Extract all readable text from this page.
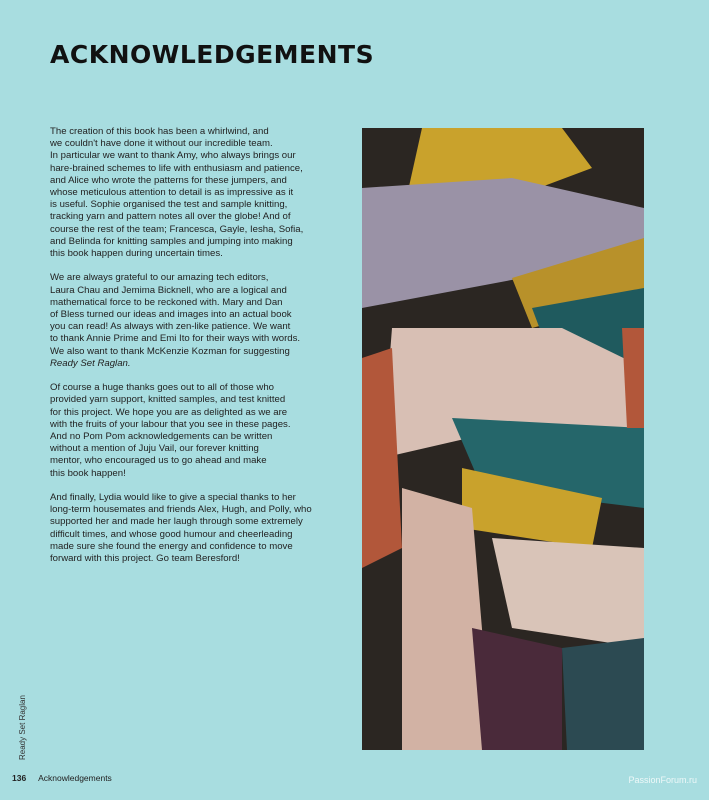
ACKNOWLEDGEMENTS

The creation of this book has been a whirlwind, and
we couldn't have done it without our incredible team.
In particular we want to thank Amy, who always brings our
hare-brained schemes to life with enthusiasm and patience,
and Alice who wrote the patterns for these jumpers, and
whose meticulous attention to detail is as impressive as it
is useful. Sophie organised the test and sample knitting,
tracking yarn and pattern notes all over the globe! And of
course the rest of the team; Francesca, Gayle, Iesha, Sofia,
and Belinda for knitting samples and jumping into making
this book happen during uncertain times.

We are always grateful to our amazing tech editors,
Laura Chau and Jemima Bicknell, who are a logical and
mathematical force to be reckoned with. Mary and Dan
of Bless turned our ideas and images into an actual book
you can read! As always with zen-like patience. We want
to thank Annie Prime and Emi Ito for their ways with words.
We also want to thank McKenzie Kozman for suggesting
Ready Set Raglan.

Of course a huge thanks goes out to all of those who
provided yarn support, knitted samples, and test knitted
for this project. We hope you are as delighted as we are
with the fruits of your labour that you see in these pages.
And no Pom Pom acknowledgements can be written
without a mention of Juju Vail, our forever knitting
mentor, who encouraged us to go ahead and make
this book happen!

And finally, Lydia would like to give a special thanks to her
long-term housemates and friends Alex, Hugh, and Polly, who
supported her and made her laugh through some extremely
difficult times, and whose good humour and cheerleading
made sure she found the energy and confidence to move
forward with this project. Go team Beresford!

Ready Set Raglan
136 Acknowledgements	PassionForum.ru
